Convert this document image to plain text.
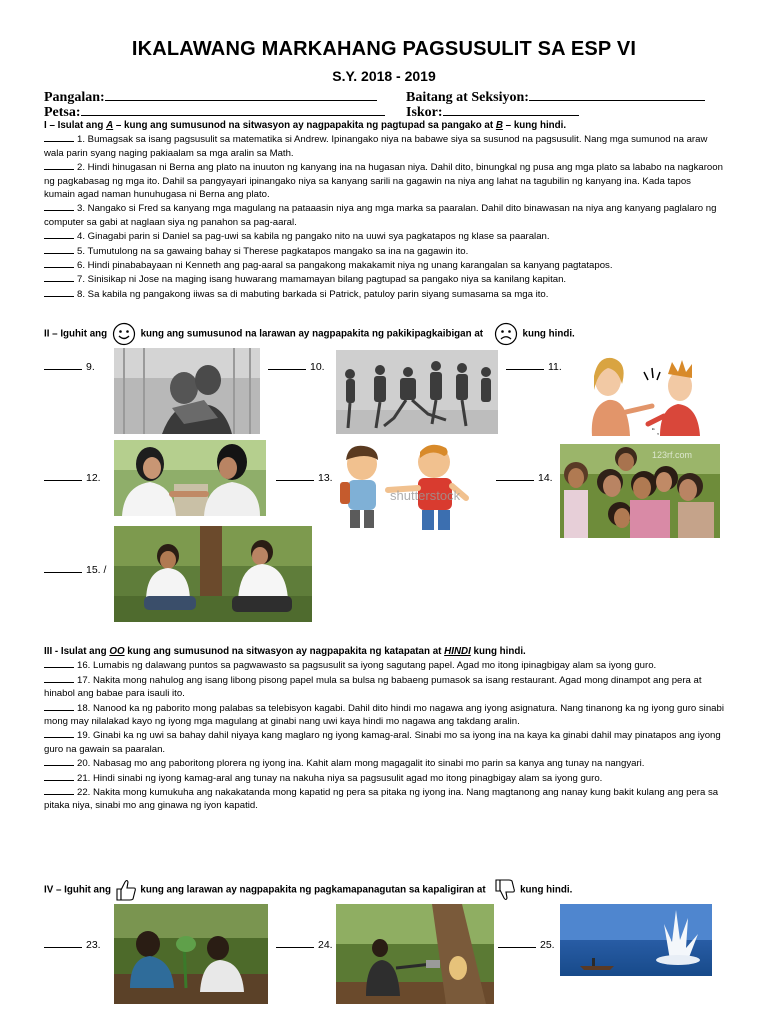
IKALAWANG MARKAHANG PAGSUSULIT SA ESP VI
S.Y. 2018 - 2019
Pangalan:	Baitang at Seksiyon:
Petsa:	Iskor:

I – Isulat ang A – kung ang sumusunod na sitwasyon ay nagpapakita ng pagtupad sa pangako at B – kung hindi.

1. Bumagsak sa isang pagsusulit sa matematika si Andrew. Ipinangako niya na babawe siya sa susunod na pagsusulit. Nang mga sumunod na araw wala parin syang naging pakiaalam sa mga aralin sa Math.

2. Hindi hinugasan ni Berna ang plato na inuuton ng kanyang ina na hugasan niya. Dahil dito, binungkal ng pusa ang mga plato sa lababo na nagkaroon ng pagkabasag ng mga ito. Dahil sa pangyayari ipinangako niya sa kanyang sarili na gagawin na niya ang lahat na tagubilin ng kanyang ina. Kada tapos kumain agad naman hunuhugasa ni Berna ang plato.

3. Nangako si Fred sa kanyang mga magulang na pataaasin niya ang mga marka sa paaralan. Dahil dito binawasan na niya ang kanyang paglalaro ng computer sa gabi at naglaan siya ng panahon sa pag-aaral.

4. Ginagabi parin si Daniel sa pag-uwi sa kabila ng pangako nito na uuwi sya pagkatapos ng klase sa paaralan.

5. Tumutulong na sa gawaing bahay si Therese pagkatapos mangako sa ina na gagawin ito.

6. Hindi pinababayaan ni Kenneth ang pag-aaral sa pangakong makakamit niya ng unang karangalan sa kanyang pagtatapos.

7. Sinisikap ni Jose na maging isang huwarang mamamayan bilang pagtupad sa pangako niya sa kanilang kapitan.

8. Sa kabila ng pangakong iiwas sa di mabuting barkada si Patrick, patuloy parin siyang sumasama sa mga ito.

II – Iguhit ang	kung ang sumusunod na larawan ay nagpapakita ng pakikipagkaibigan at	kung hindi.
9.	10.	11.
12.	13.	14.
15. /
“ ,
shutterstock
123rf.com

III - Isulat ang OO kung ang sumusunod na sitwasyon ay nagpapakita ng katapatan at HINDI kung hindi.

16. Lumabis ng dalawang puntos sa pagwawasto sa pagsusulit sa iyong sagutang papel. Agad mo itong ipinagbigay alam sa iyong guro.

17. Nakita mong nahulog ang isang libong pisong papel mula sa bulsa ng babaeng pumasok sa isang restaurant. Agad mong dinampot ang pera at hinabol ang babae para isauli ito.

18. Nanood ka ng paborito mong palabas sa telebisyon kagabi. Dahil dito hindi mo nagawa ang iyong asignatura. Nang tinanong ka ng iyong guro sinabi mong may nilalakad kayo ng iyong mga magulang at ginabi nang uwi kaya hindi mo nagawa ang takdang aralin.

19. Ginabi ka ng uwi sa bahay dahil niyaya kang maglaro ng iyong kamag-aral. Sinabi mo sa iyong ina na kaya ka ginabi dahil may pinatapos ang iyong guro na gawain sa paaralan.

20. Nabasag mo ang paboritong plorera ng iyong ina. Kahit alam mong magagalit ito sinabi mo parin sa kanya ang tunay na nangyari.

21. Hindi sinabi ng iyong kamag-aral ang tunay na nakuha niya sa pagsusulit agad mo itong pinagbigay alam sa iyong guro.

22. Nakita mong kumukuha ang nakakatanda mong kapatid ng pera sa pitaka ng iyong ina. Nang magtanong ang nanay kung bakit kulang ang pera sa pitaka niya, sinabi mo ang ginawa ng iyon kapatid.

IV – Iguhit ang	kung ang larawan ay nagpapakita ng pagkamapanagutan sa kapaligiran at	kung hindi.
23.	24.	25.
